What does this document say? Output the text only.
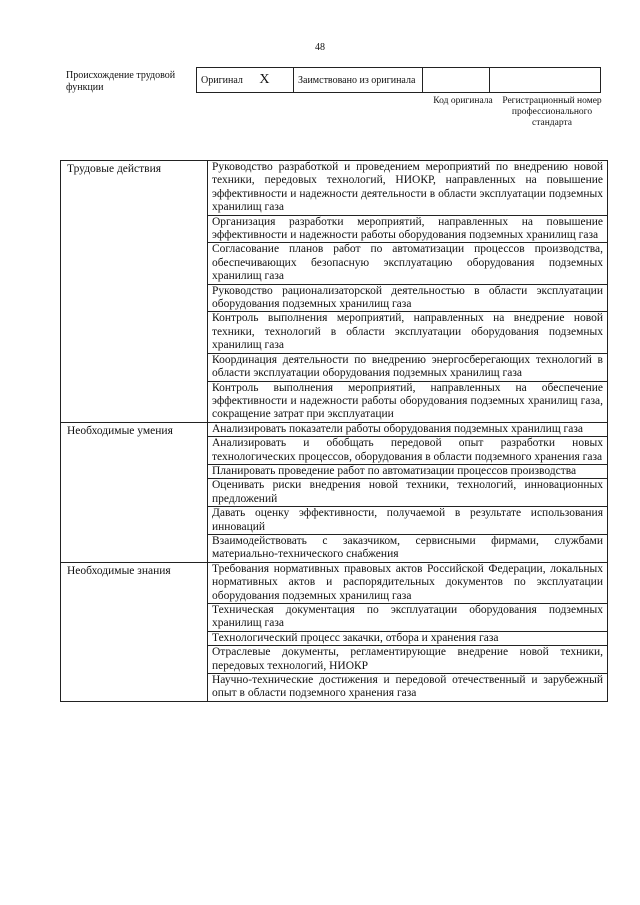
48
Происхождение трудовой функции
Оригинал X	Заимствовано из оригинала		
Код оригинала	Регистрационный номер профессионального стандарта
Трудовые действия	Руководство разработкой и проведением мероприятий по внедрению новой техники, передовых технологий, НИОКР, направленных на повышение эффективности и надежности деятельности в области эксплуатации подземных хранилищ газа
	Организация разработки мероприятий, направленных на повышение эффективности и надежности работы оборудования подземных хранилищ газа
	Согласование планов работ по автоматизации процессов производства, обеспечивающих безопасную эксплуатацию оборудования подземных хранилищ газа
	Руководство рационализаторской деятельностью в области эксплуатации оборудования подземных хранилищ газа
	Контроль выполнения мероприятий, направленных на внедрение новой техники, технологий в области эксплуатации оборудования подземных хранилищ газа
	Координация деятельности по внедрению энергосберегающих технологий в области эксплуатации оборудования подземных хранилищ газа
	Контроль выполнения мероприятий, направленных на обеспечение эффективности и надежности работы оборудования подземных хранилищ газа, сокращение затрат при эксплуатации
Необходимые умения	Анализировать показатели работы оборудования подземных хранилищ газа
	Анализировать и обобщать передовой опыт разработки новых технологических процессов, оборудования в области подземного хранения газа
	Планировать проведение работ по автоматизации процессов производства
	Оценивать риски внедрения новой техники, технологий, инновационных предложений
	Давать оценку эффективности, получаемой в результате использования инноваций
	Взаимодействовать с заказчиком, сервисными фирмами, службами материально-технического снабжения
Необходимые знания	Требования нормативных правовых актов Российской Федерации, локальных нормативных актов и распорядительных документов по эксплуатации оборудования подземных хранилищ газа
	Техническая документация по эксплуатации оборудования подземных хранилищ газа
	Технологический процесс закачки, отбора и хранения газа
	Отраслевые документы, регламентирующие внедрение новой техники, передовых технологий, НИОКР
	Научно-технические достижения и передовой отечественный и зарубежный опыт в области подземного хранения газа
